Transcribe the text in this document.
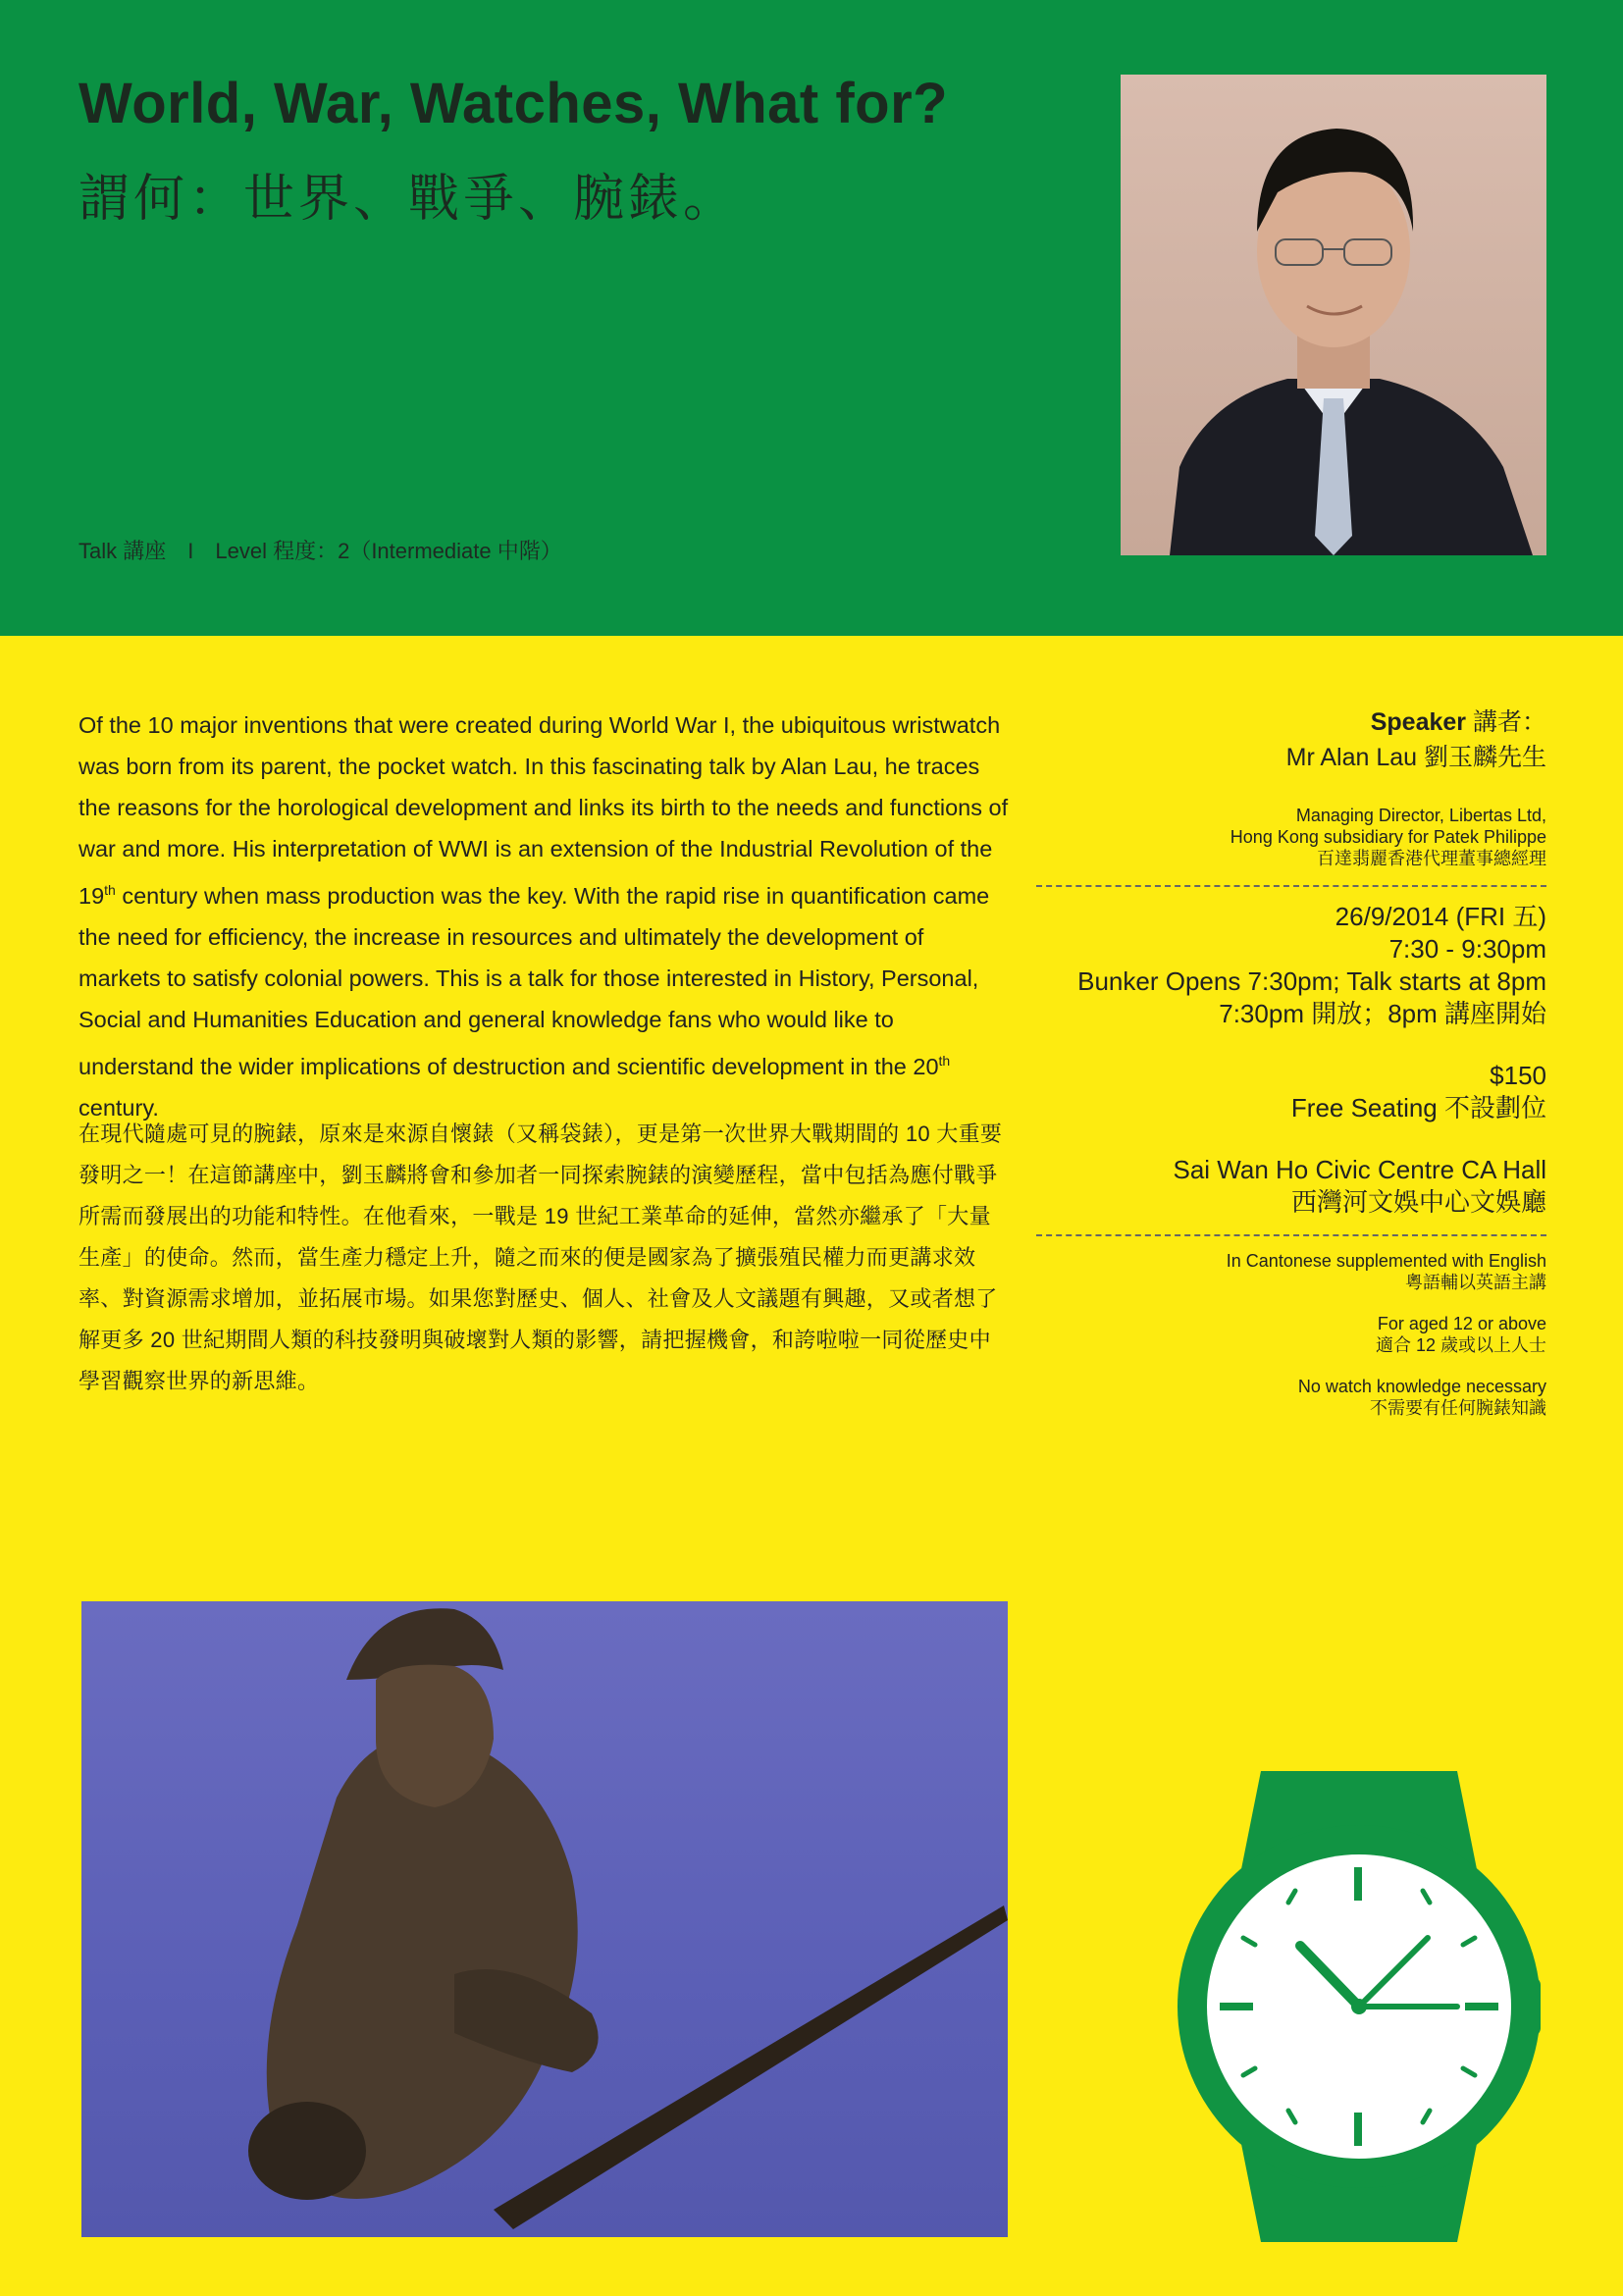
World, War, Watches, What for?
謂何：世界、戰爭、腕錶。
Talk 講座 I Level 程度：2（Intermediate 中階）
Of the 10 major inventions that were created during World War I, the ubiquitous wristwatch was born from its parent, the pocket watch. In this fascinating talk by Alan Lau, he traces the reasons for the horological development and links its birth to the needs and functions of war and more. His interpretation of WWI is an extension of the Industrial Revolution of the 19th century when mass production was the key. With the rapid rise in quantification came the need for efficiency, the increase in resources and ultimately the development of markets to satisfy colonial powers. This is a talk for those interested in History, Personal, Social and Humanities Education and general knowledge fans who would like to understand the wider implications of destruction and scientific development in the 20th century.
在現代隨處可見的腕錶，原來是來源自懷錶（又稱袋錶），更是第一次世界大戰期間的 10 大重要發明之一！在這節講座中，劉玉麟將會和參加者一同探索腕錶的演變歷程，當中包括為應付戰爭所需而發展出的功能和特性。在他看來，一戰是 19 世紀工業革命的延伸，當然亦繼承了「大量生產」的使命。然而，當生產力穩定上升，隨之而來的便是國家為了擴張殖民權力而更講求效率、對資源需求增加，並拓展市場。如果您對歷史、個人、社會及人文議題有興趣，又或者想了解更多 20 世紀期間人類的科技發明與破壞對人類的影響，請把握機會，和誇啦啦一同從歷史中學習觀察世界的新思維。
Speaker 講者：
Mr Alan Lau 劉玉麟先生
Managing Director, Libertas Ltd,
Hong Kong subsidiary for Patek Philippe
百達翡麗香港代理董事總經理
26/9/2014 (FRI 五)
7:30 - 9:30pm
Bunker Opens 7:30pm; Talk starts at 8pm
7:30pm 開放；8pm 講座開始
$150
Free Seating 不設劃位
Sai Wan Ho Civic Centre CA Hall
西灣河文娛中心文娛廳
In Cantonese supplemented with English
粵語輔以英語主講
For aged 12 or above
適合 12 歲或以上人士
No watch knowledge necessary
不需要有任何腕錶知識
